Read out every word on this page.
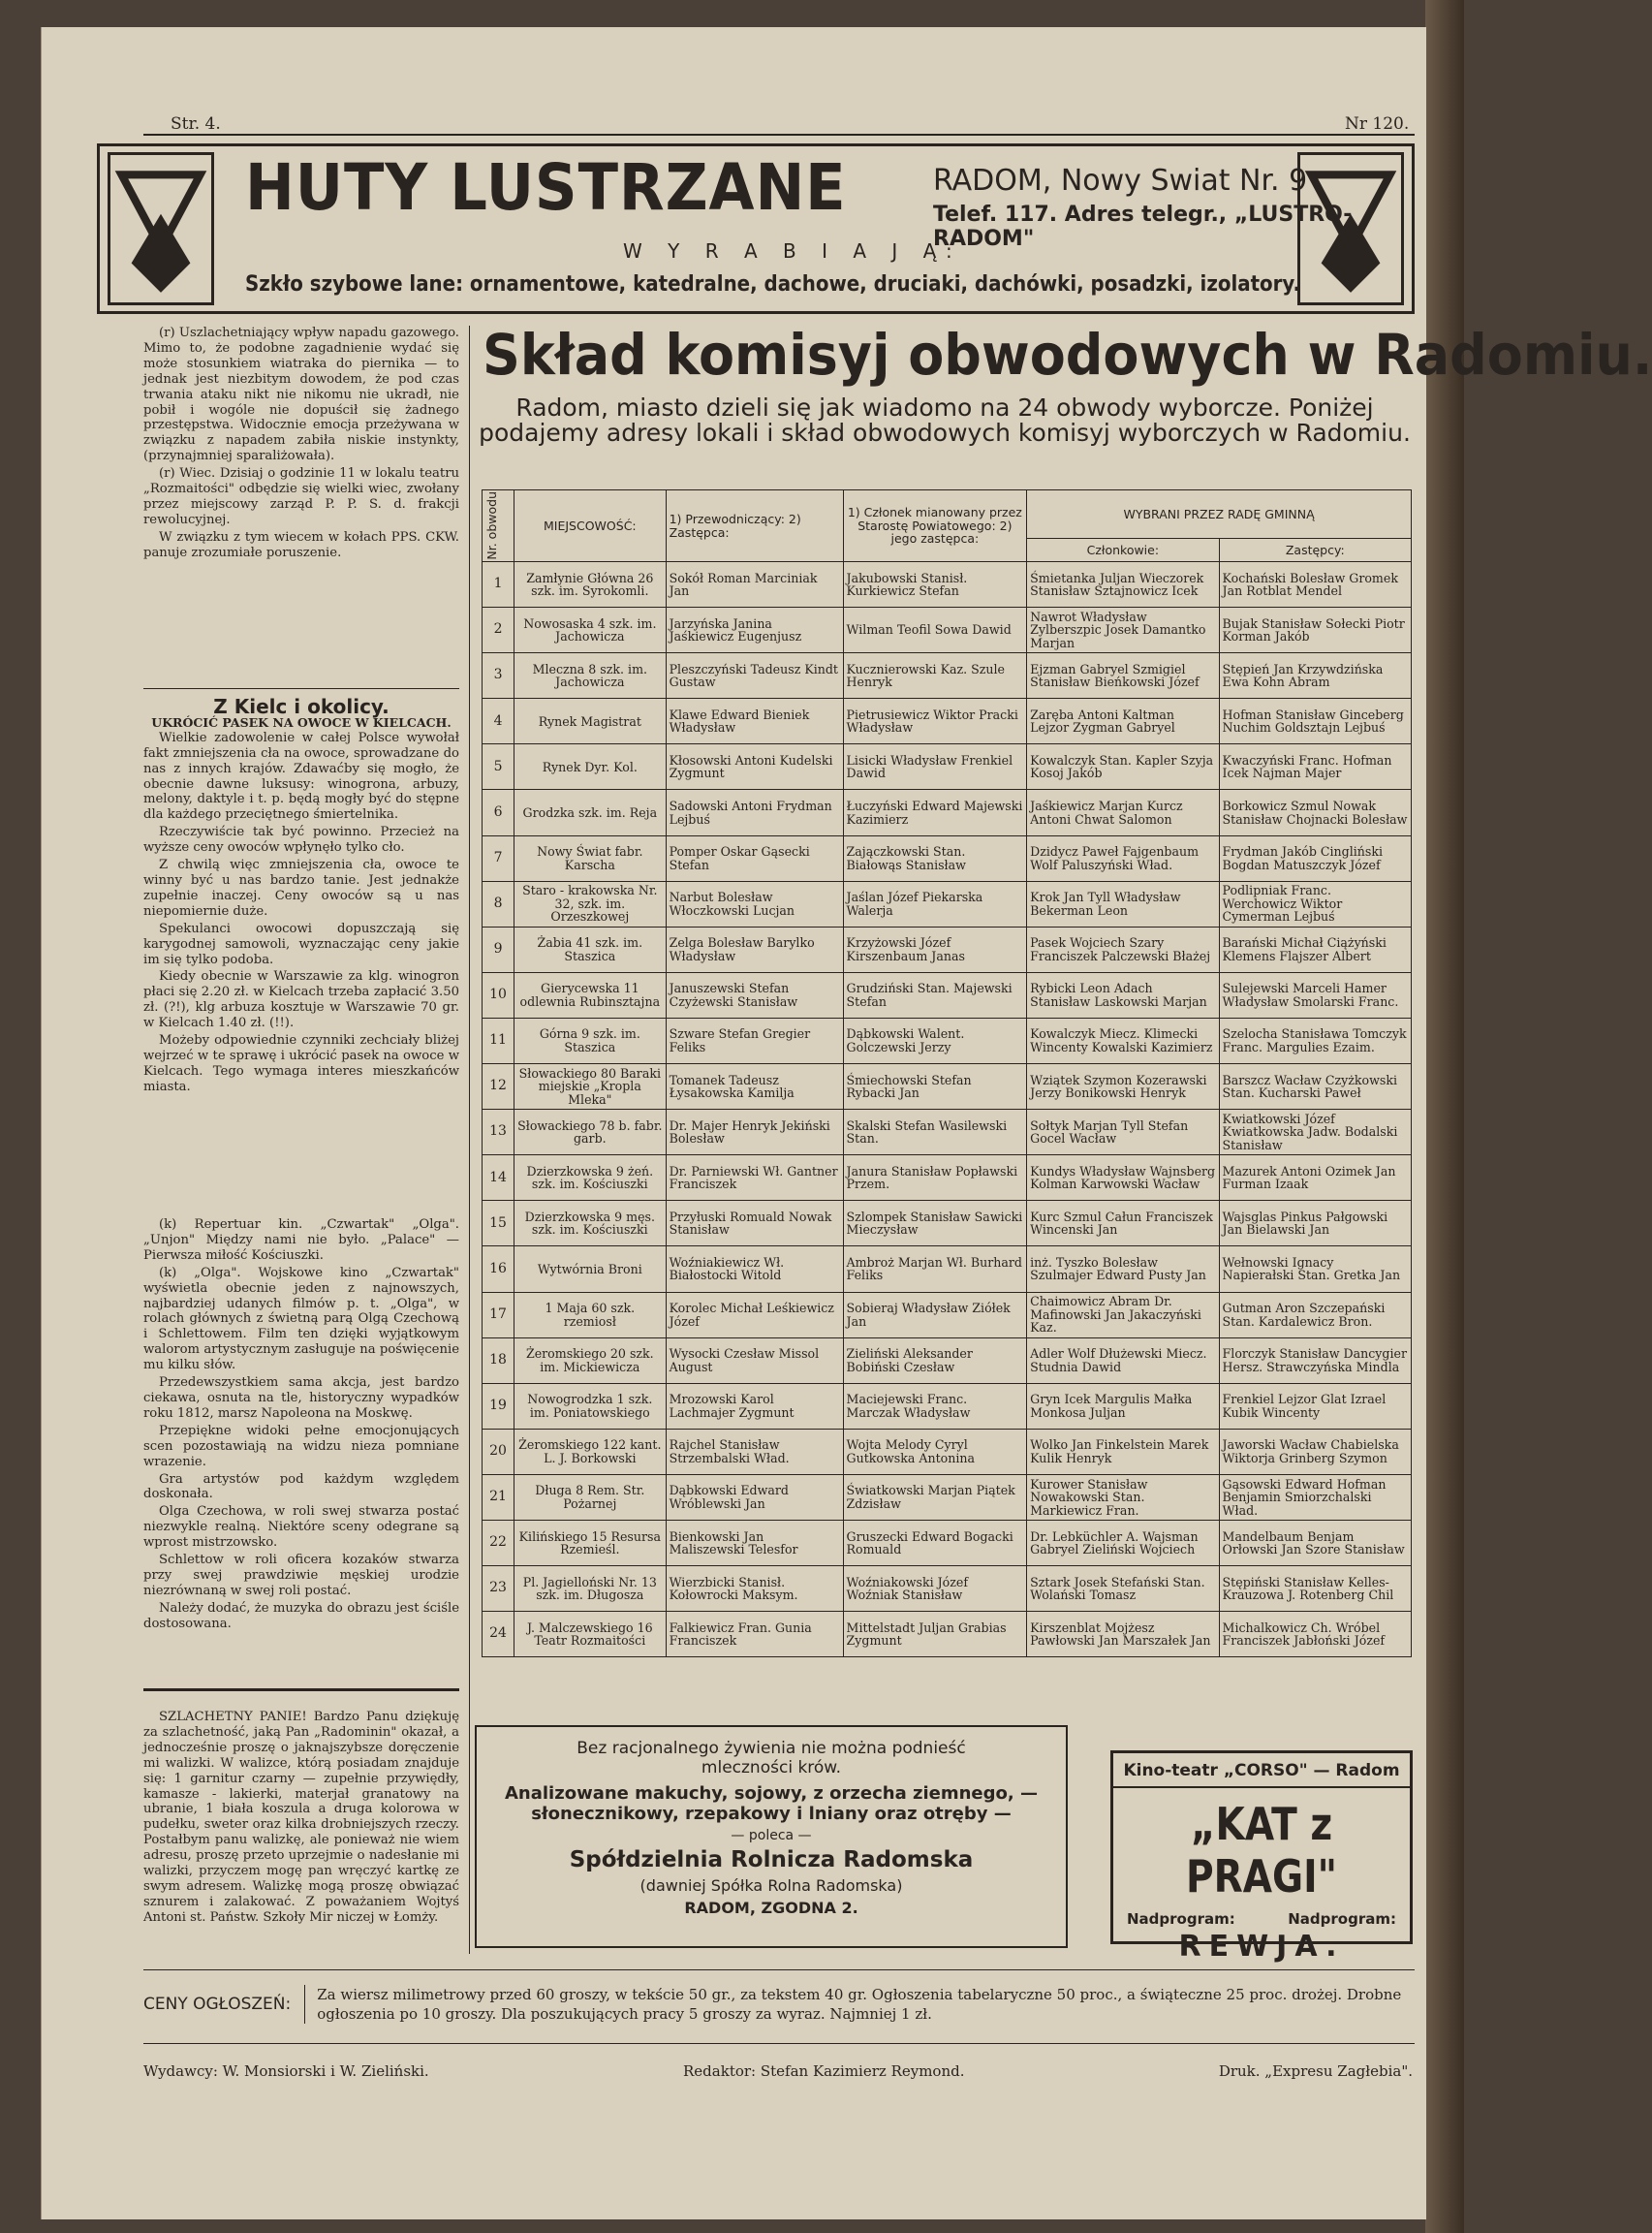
Str. 4.	Nr 120.
HUTY LUSTRZANE	RADOM, Nowy Swiat Nr. 9
Telef. 117. Adres telegr., „LUSTRO-RADOM"
W Y R A B I A J Ą:
Szkło szybowe lane: ornamentowe, katedralne, dachowe, druciaki, dachówki, posadzki, izolatory.

(r) Uszlachetniający wpływ napadu gazowego. Mimo to, że podobne zagadnienie wydać się może stosunkiem wiatraka do piernika — to jednak jest niezbitym dowodem, że pod czas trwania ataku nikt nie nikomu nie ukradł, nie pobił i wogóle nie dopuścił się żadnego przestępstwa. Widocznie emocja przeżywana w związku z napadem zabiła niskie instynkty, (przynajmniej sparaliżowała).

(r) Wiec. Dzisiaj o godzinie 11 w lokalu teatru „Rozmaitości" odbędzie się wielki wiec, zwołany przez miejscowy zarząd P. P. S. d. frakcji rewolucyjnej.

W związku z tym wiecem w kołach PPS. CKW. panuje zrozumiałe poruszenie.

Z Kielc i okolicy.
UKRÓCIĆ PASEK NA OWOCE W KIELCACH.

Wielkie zadowolenie w całej Polsce wywołał fakt zmniejszenia cła na owoce, sprowadzane do nas z innych krajów. Zdawaćby się mogło, że obecnie dawne luksusy: winogrona, arbuzy, melony, daktyle i t. p. będą mogły być do stępne dla każdego przeciętnego śmiertelnika.

Rzeczywiście tak być powinno. Przecież na wyższe ceny owoców wpłynęło tylko cło.

Z chwilą więc zmniejszenia cła, owoce te winny być u nas bardzo tanie. Jest jednakże zupełnie inaczej. Ceny owoców są u nas niepomiernie duże.

Spekulanci owocowi dopuszczają się karygodnej samowoli, wyznaczając ceny jakie im się tylko podoba.

Kiedy obecnie w Warszawie za klg. winogron płaci się 2.20 zł. w Kielcach trzeba zapłacić 3.50 zł. (?!), klg arbuza kosztuje w Warszawie 70 gr. w Kielcach 1.40 zł. (!!).

Możeby odpowiednie czynniki zechciały bliżej wejrzeć w te sprawę i ukrócić pasek na owoce w Kielcach. Tego wymaga interes mieszkańców miasta.

(k) Repertuar kin. „Czwartak" „Olga". „Unjon" Między nami nie było. „Palace" — Pierwsza miłość Kościuszki.

(k) „Olga". Wojskowe kino „Czwartak" wyświetla obecnie jeden z najnowszych, najbardziej udanych filmów p. t. „Olga", w rolach głównych z świetną parą Olgą Czechową i Schlettowem. Film ten dzięki wyjątkowym walorom artystycznym zasługuje na poświęcenie mu kilku słów.

Przedewszystkiem sama akcja, jest bardzo ciekawa, osnuta na tle, historyczny wypadków roku 1812, marsz Napoleona na Moskwę.

Przepiękne widoki pełne emocjonujących scen pozostawiają na widzu nieza pomniane wrazenie.

Gra artystów pod każdym względem doskonała.

Olga Czechowa, w roli swej stwarza postać niezwykle realną. Niektóre sceny odegrane są wprost mistrzowsko.

Schlettow w roli oficera kozaków stwarza przy swej prawdziwie męskiej urodzie niezrównaną w swej roli postać.

Należy dodać, że muzyka do obrazu jest ściśle dostosowana.

SZLACHETNY PANIE! Bardzo Panu dziękuję za szlachetność, jaką Pan „Radominin" okazał, a jednocześnie proszę o jaknajszybsze doręczenie mi walizki. W walizce, którą posiadam znajduje się: 1 garnitur czarny — zupełnie przywiędły, kamasze - lakierki, materjał granatowy na ubranie, 1 biała koszula a druga kolorowa w pudełku, sweter oraz kilka drobniejszych rzeczy. Postałbym panu walizkę, ale ponieważ nie wiem adresu, proszę przeto uprzejmie o nadesłanie mi walizki, przyczem mogę pan wręczyć kartkę ze swym adresem. Walizkę mogą proszę obwiązać sznurem i zalakować. Z poważaniem Wojtyś Antoni st. Państw. Szkoły Mir niczej w Łomży.

Skład komisyj obwodowych w Radomiu.
Radom, miasto dzieli się jak wiadomo na 24 obwody wyborcze. Poniżej podajemy adresy lokali i skład obwodowych komisyj wyborczych w Radomiu.
Nr. obwodu	MIEJSCOWOŚĆ:	1) Przewodniczący: 2) Zastępca:	1) Członek mianowany przez Starostę Powiatowego: 2) jego zastępca:	WYBRANI PRZEZ RADĘ GMINNĄ	
				Członkowie:	Zastępcy:
1	Zamłynie Główna 26 szk. im. Syrokomli.	Sokół Roman Marciniak Jan	Jakubowski Stanisł. Kurkiewicz Stefan	Śmietanka Juljan Wieczorek Stanisław Sztajnowicz Icek	Kochański Bolesław Gromek Jan Rotblat Mendel
2	Nowosaska 4 szk. im. Jachowicza	Jarzyńska Janina Jaśkiewicz Eugenjusz	Wilman Teofil Sowa Dawid	Nawrot Władysław Zylberszpic Josek Damantko Marjan	Bujak Stanisław Sołecki Piotr Korman Jakób
3	Mleczna 8 szk. im. Jachowicza	Pleszczyński Tadeusz Kindt Gustaw	Kucznierowski Kaz. Szule Henryk	Ejzman Gabryel Szmigiel Stanisław Bieńkowski Józef	Stępień Jan Krzywdzińska Ewa Kohn Abram
4	Rynek Magistrat	Klawe Edward Bieniek Władysław	Pietrusiewicz Wiktor Pracki Władysław	Zaręba Antoni Kaltman Lejzor Zygman Gabryel	Hofman Stanisław Ginceberg Nuchim Goldsztajn Lejbuś
5	Rynek Dyr. Kol.	Kłosowski Antoni Kudelski Zygmunt	Lisicki Władysław Frenkiel Dawid	Kowalczyk Stan. Kapler Szyja Kosoj Jakób	Kwaczyński Franc. Hofman Icek Najman Majer
6	Grodzka szk. im. Reja	Sadowski Antoni Frydman Lejbuś	Łuczyński Edward Majewski Kazimierz	Jaśkiewicz Marjan Kurcz Antoni Chwat Salomon	Borkowicz Szmul Nowak Stanisław Chojnacki Bolesław
7	Nowy Świat fabr. Karscha	Pomper Oskar Gąsecki Stefan	Zajączkowski Stan. Białowąs Stanisław	Dzidycz Paweł Fajgenbaum Wolf Paluszyński Wład.	Frydman Jakób Cingliński Bogdan Matuszczyk Józef
8	Staro - krakowska Nr. 32, szk. im. Orzeszkowej	Narbut Bolesław Włoczkowski Lucjan	Jaślan Józef Piekarska Walerja	Krok Jan Tyll Władysław Bekerman Leon	Podlipniak Franc. Werchowicz Wiktor Cymerman Lejbuś
9	Żabia 41 szk. im. Staszica	Zelga Bolesław Barylko Władysław	Krzyżowski Józef Kirszenbaum Janas	Pasek Wojciech Szary Franciszek Palczewski Błażej	Barański Michał Ciążyński Klemens Flajszer Albert
10	Gierycewska 11 odlewnia Rubinsztajna	Januszewski Stefan Czyżewski Stanisław	Grudziński Stan. Majewski Stefan	Rybicki Leon Adach Stanisław Laskowski Marjan	Sulejewski Marceli Hamer Władysław Smolarski Franc.
11	Górna 9 szk. im. Staszica	Szware Stefan Gregier Feliks	Dąbkowski Walent. Golczewski Jerzy	Kowalczyk Miecz. Klimecki Wincenty Kowalski Kazimierz	Szelocha Stanisława Tomczyk Franc. Margulies Ezaim.
12	Słowackiego 80 Baraki miejskie „Kropla Mleka"	Tomanek Tadeusz Łysakowska Kamilja	Śmiechowski Stefan Rybacki Jan	Wziątek Szymon Kozerawski Jerzy Bonikowski Henryk	Barszcz Wacław Czyżkowski Stan. Kucharski Paweł
13	Słowackiego 78 b. fabr. garb.	Dr. Majer Henryk Jekiński Bolesław	Skalski Stefan Wasilewski Stan.	Sołtyk Marjan Tyll Stefan Gocel Wacław	Kwiatkowski Józef Kwiatkowska Jadw. Bodalski Stanisław
14	Dzierzkowska 9 żeń. szk. im. Kościuszki	Dr. Parniewski Wł. Gantner Franciszek	Janura Stanisław Popławski Przem.	Kundys Władysław Wajnsberg Kolman Karwowski Wacław	Mazurek Antoni Ozimek Jan Furman Izaak
15	Dzierzkowska 9 męs. szk. im. Kościuszki	Przyłuski Romuald Nowak Stanisław	Szlompek Stanisław Sawicki Mieczysław	Kurc Szmul Całun Franciszek Wincenski Jan	Wajsglas Pinkus Pałgowski Jan Bielawski Jan
16	Wytwórnia Broni	Woźniakiewicz Wł. Białostocki Witold	Ambroż Marjan Wł. Burhard Feliks	inż. Tyszko Bolesław Szulmajer Edward Pusty Jan	Wełnowski Ignacy Napierałski Stan. Gretka Jan
17	1 Maja 60 szk. rzemiosł	Korolec Michał Leśkiewicz Józef	Sobieraj Władysław Ziółek Jan	Chaimowicz Abram Dr. Mafinowski Jan Jakaczyński Kaz.	Gutman Aron Szczepański Stan. Kardalewicz Bron.
18	Żeromskiego 20 szk. im. Mickiewicza	Wysocki Czesław Missol August	Zieliński Aleksander Bobiński Czesław	Adler Wolf Dłużewski Miecz. Studnia Dawid	Florczyk Stanisław Dancygier Hersz. Strawczyńska Mindla
19	Nowogrodzka 1 szk. im. Poniatowskiego	Mrozowski Karol Lachmajer Zygmunt	Maciejewski Franc. Marczak Władysław	Gryn Icek Margulis Małka Monkosa Juljan	Frenkiel Lejzor Glat Izrael Kubik Wincenty
20	Żeromskiego 122 kant. L. J. Borkowski	Rajchel Stanisław Strzembalski Wład.	Wojta Melody Cyryl Gutkowska Antonina	Wolko Jan Finkelstein Marek Kulik Henryk	Jaworski Wacław Chabielska Wiktorja Grinberg Szymon
21	Długa 8 Rem. Str. Pożarnej	Dąbkowski Edward Wróblewski Jan	Światkowski Marjan Piątek Zdzisław	Kurower Stanisław Nowakowski Stan. Markiewicz Fran.	Gąsowski Edward Hofman Benjamin Smiorzchalski Wład.
22	Kilińskiego 15 Resursa Rzemieśl.	Bienkowski Jan Maliszewski Telesfor	Gruszecki Edward Bogacki Romuald	Dr. Lebküchler A. Wajsman Gabryel Zieliński Wojciech	Mandelbaum Benjam Orłowski Jan Szore Stanisław
23	Pl. Jagielloński Nr. 13 szk. im. Długosza	Wierzbicki Stanisł. Kołowrocki Maksym.	Woźniakowski Józef Woźniak Stanisław	Sztark Josek Stefański Stan. Wolański Tomasz	Stępiński Stanisław Kelles-Krauzowa J. Rotenberg Chil
24	J. Malczewskiego 16 Teatr Rozmaitości	Falkiewicz Fran. Gunia Franciszek	Mittelstadt Juljan Grabias Zygmunt	Kirszenblat Mojżesz Pawłowski Jan Marszałek Jan	Michalkowicz Ch. Wróbel Franciszek Jabłoński Józef
Bez racjonalnego żywienia nie można podnieść mleczności krów.
Analizowane makuchy, sojowy, z orzecha ziemnego, — słonecznikowy, rzepakowy i lniany oraz otręby —
— poleca —
Spółdzielnia Rolnicza Radomska
(dawniej Spółka Rolna Radomska)
RADOM, ZGODNA 2.
Kino-teatr „CORSO" — Radom
„KAT z PRAGI"
Nadprogram:	Nadprogram:
REWJA.
CENY OGŁOSZEŃ:	Za wiersz milimetrowy przed 60 groszy, w tekście 50 gr., za tekstem 40 gr. Ogłoszenia tabelaryczne 50 proc., a świąteczne 25 proc. drożej. Drobne ogłoszenia po 10 groszy. Dla poszukujących pracy 5 groszy za wyraz. Najmniej 1 zł.
Wydawcy: W. Monsiorski i W. Zieliński.	Redaktor: Stefan Kazimierz Reymond.	Druk. „Expresu Zagłebia".
